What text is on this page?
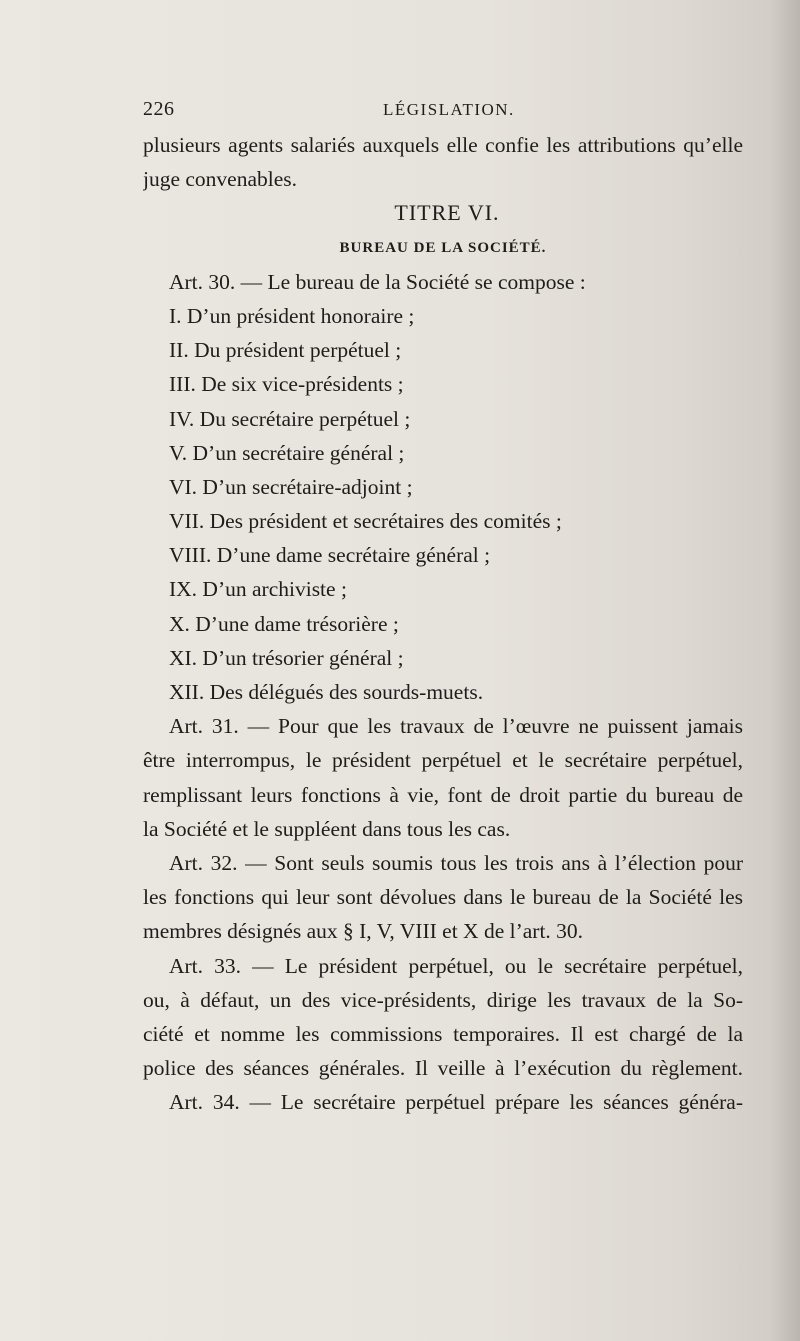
226	LÉGISLATION.
plusieurs agents salariés auxquels elle confie les attributions qu’elle
juge convenables.
TITRE VI.
BUREAU DE LA SOCIÉTÉ.
Art. 30. — Le bureau de la Société se compose :
I. D’un président honoraire ;
II. Du président perpétuel ;
III. De six vice-présidents ;
IV. Du secrétaire perpétuel ;
V. D’un secrétaire général ;
VI. D’un secrétaire-adjoint ;
VII. Des président et secrétaires des comités ;
VIII. D’une dame secrétaire général ;
IX. D’un archiviste ;
X. D’une dame trésorière ;
XI. D’un trésorier général ;
XII. Des délégués des sourds-muets.
Art. 31. — Pour que les travaux de l’œuvre ne puissent jamais
être interrompus, le président perpétuel et le secrétaire perpétuel,
remplissant leurs fonctions à vie, font de droit partie du bureau de
la Société et le suppléent dans tous les cas.
Art. 32. — Sont seuls soumis tous les trois ans à l’élection pour
les fonctions qui leur sont dévolues dans le bureau de la Société les
membres désignés aux § I, V, VIII et X de l’art. 30.
Art. 33. — Le président perpétuel, ou le secrétaire perpétuel,
ou, à défaut, un des vice-présidents, dirige les travaux de la So-
ciété et nomme les commissions temporaires. Il est chargé de la
police des séances générales. Il veille à l’exécution du règlement.
Art. 34. — Le secrétaire perpétuel prépare les séances généra-
